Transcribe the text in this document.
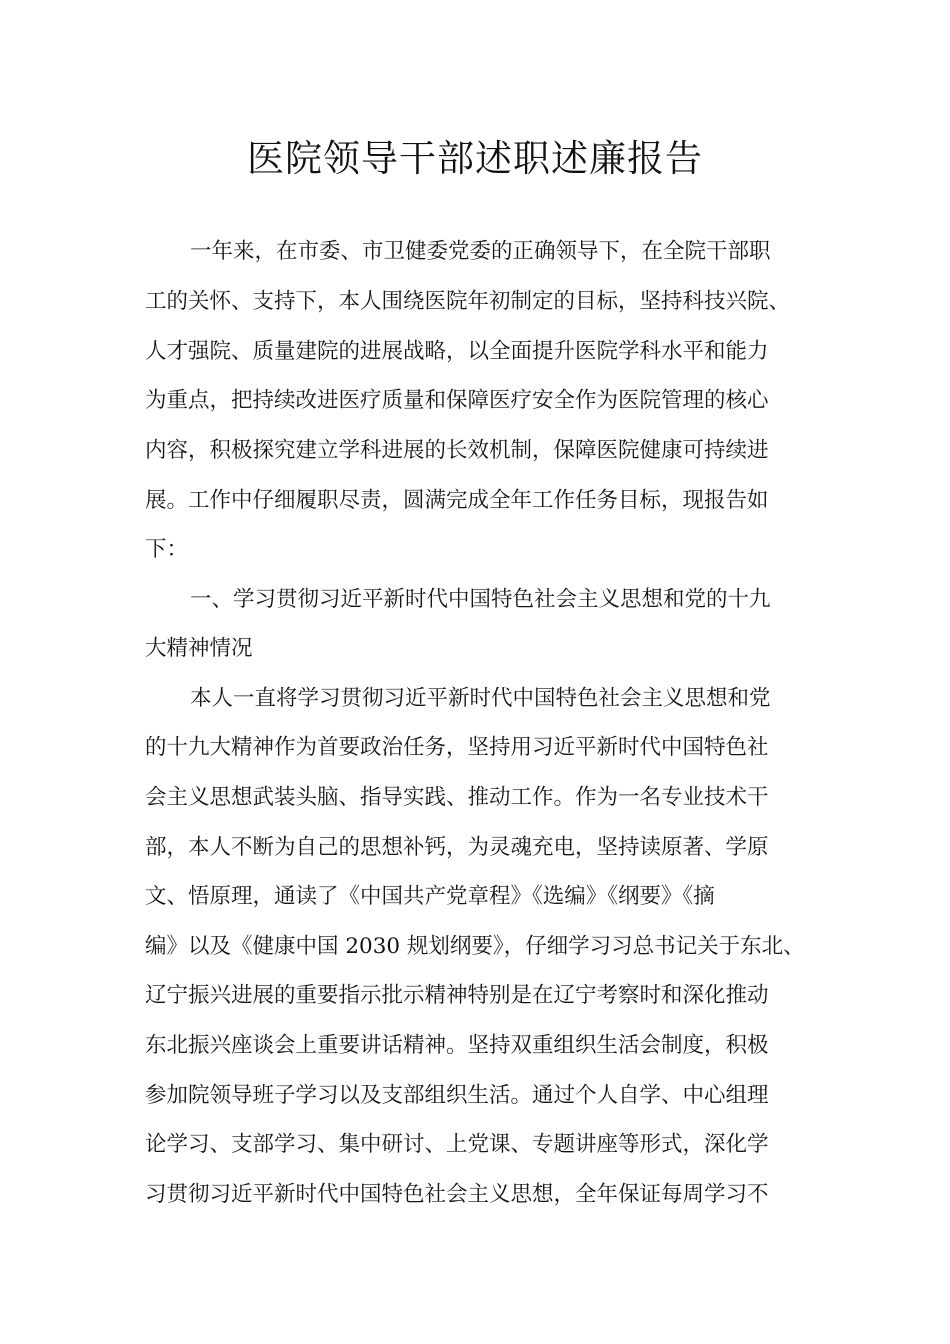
医院领导干部述职述廉报告

一年来，在市委、市卫健委党委的正确领导下，在全院干部职

工的关怀、支持下，本人围绕医院年初制定的目标，坚持科技兴院、

人才强院、质量建院的进展战略，以全面提升医院学科水平和能力

为重点，把持续改进医疗质量和保障医疗安全作为医院管理的核心

内容，积极探究建立学科进展的长效机制，保障医院健康可持续进

展。工作中仔细履职尽责，圆满完成全年工作任务目标，现报告如

下：

一、学习贯彻习近平新时代中国特色社会主义思想和党的十九

大精神情况

本人一直将学习贯彻习近平新时代中国特色社会主义思想和党

的十九大精神作为首要政治任务，坚持用习近平新时代中国特色社

会主义思想武装头脑、指导实践、推动工作。作为一名专业技术干

部，本人不断为自己的思想补钙，为灵魂充电，坚持读原著、学原

文、悟原理，通读了《中国共产党章程》《选编》《纲要》《摘

编》以及《健康中国 2030 规划纲要》，仔细学习习总书记关于东北、

辽宁振兴进展的重要指示批示精神特别是在辽宁考察时和深化推动

东北振兴座谈会上重要讲话精神。坚持双重组织生活会制度，积极

参加院领导班子学习以及支部组织生活。通过个人自学、中心组理

论学习、支部学习、集中研讨、上党课、专题讲座等形式，深化学

习贯彻习近平新时代中国特色社会主义思想，全年保证每周学习不
